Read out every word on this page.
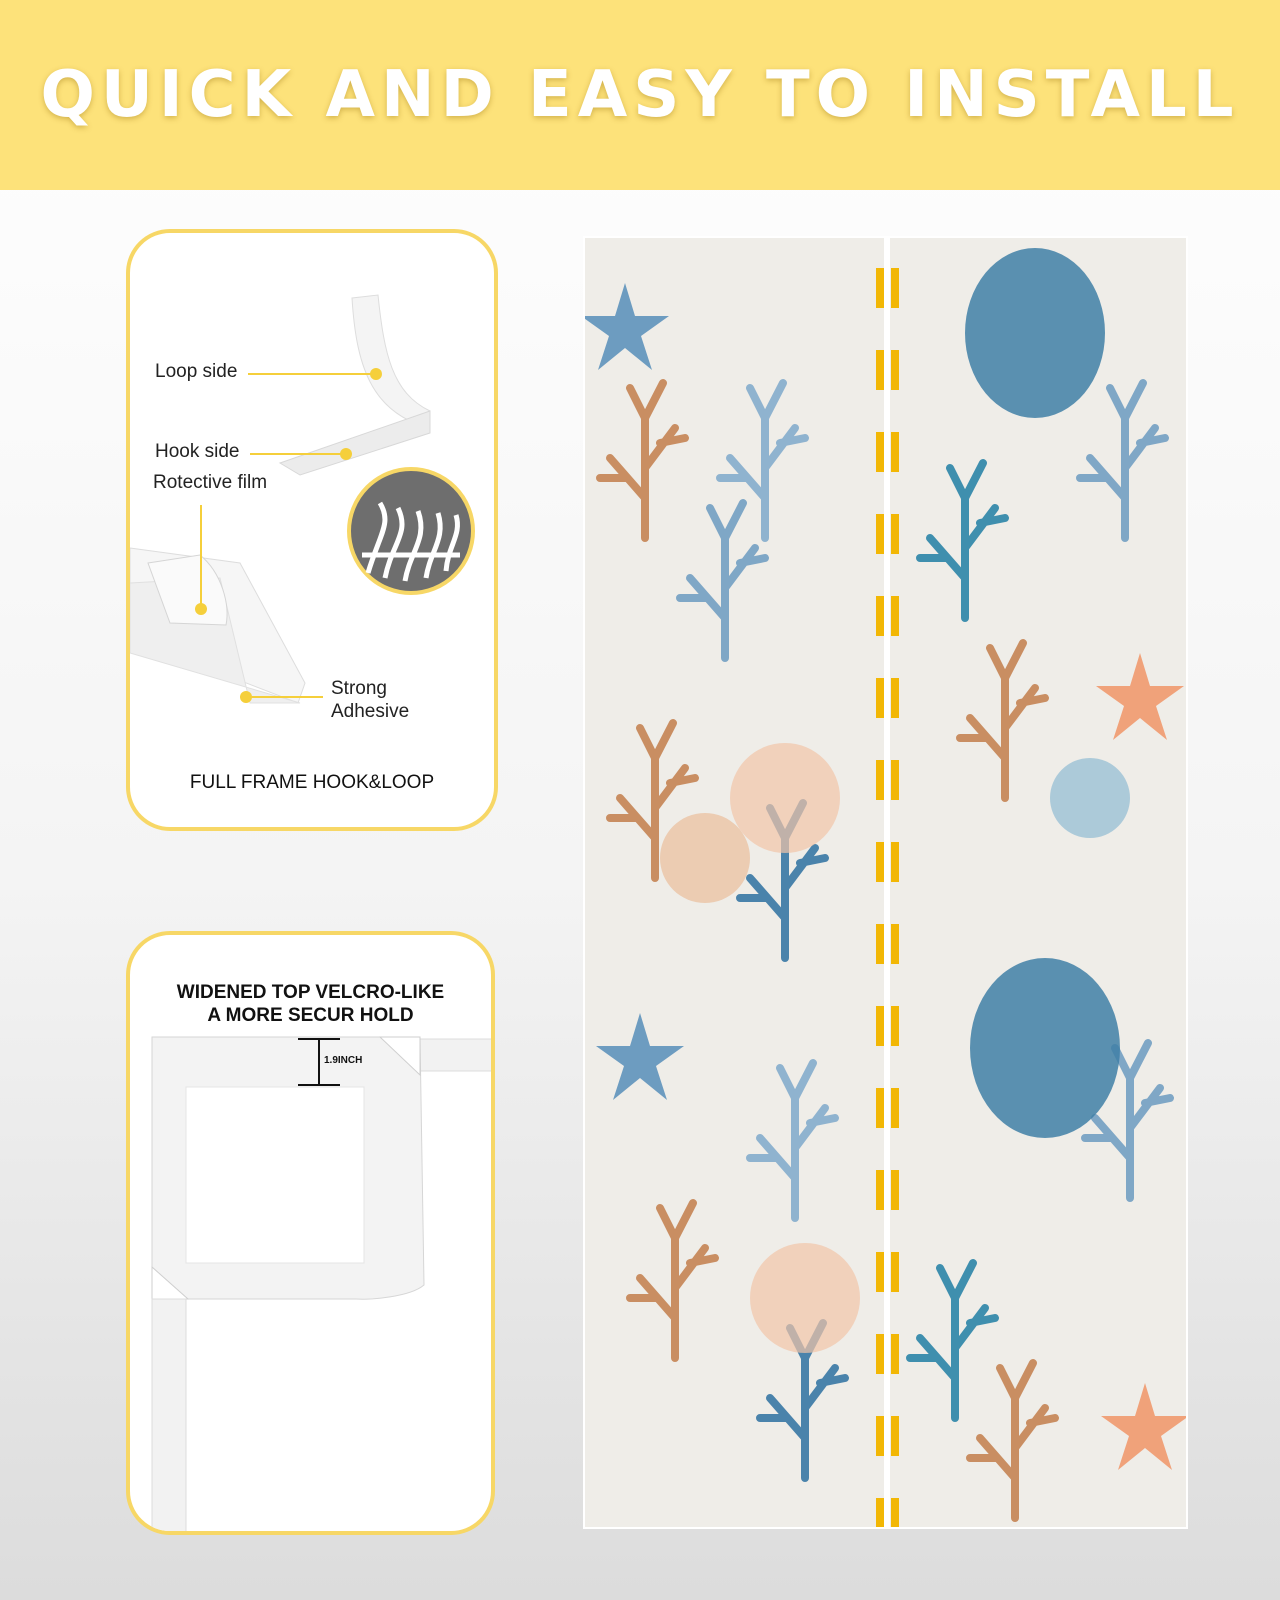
QUICK AND EASY TO INSTALL
Loop side
Hook side
Rotective film
Strong
Adhesive
FULL FRAME HOOK&LOOP
WIDENED TOP VELCRO-LIKE
A MORE SECUR HOLD
1.9INCH
